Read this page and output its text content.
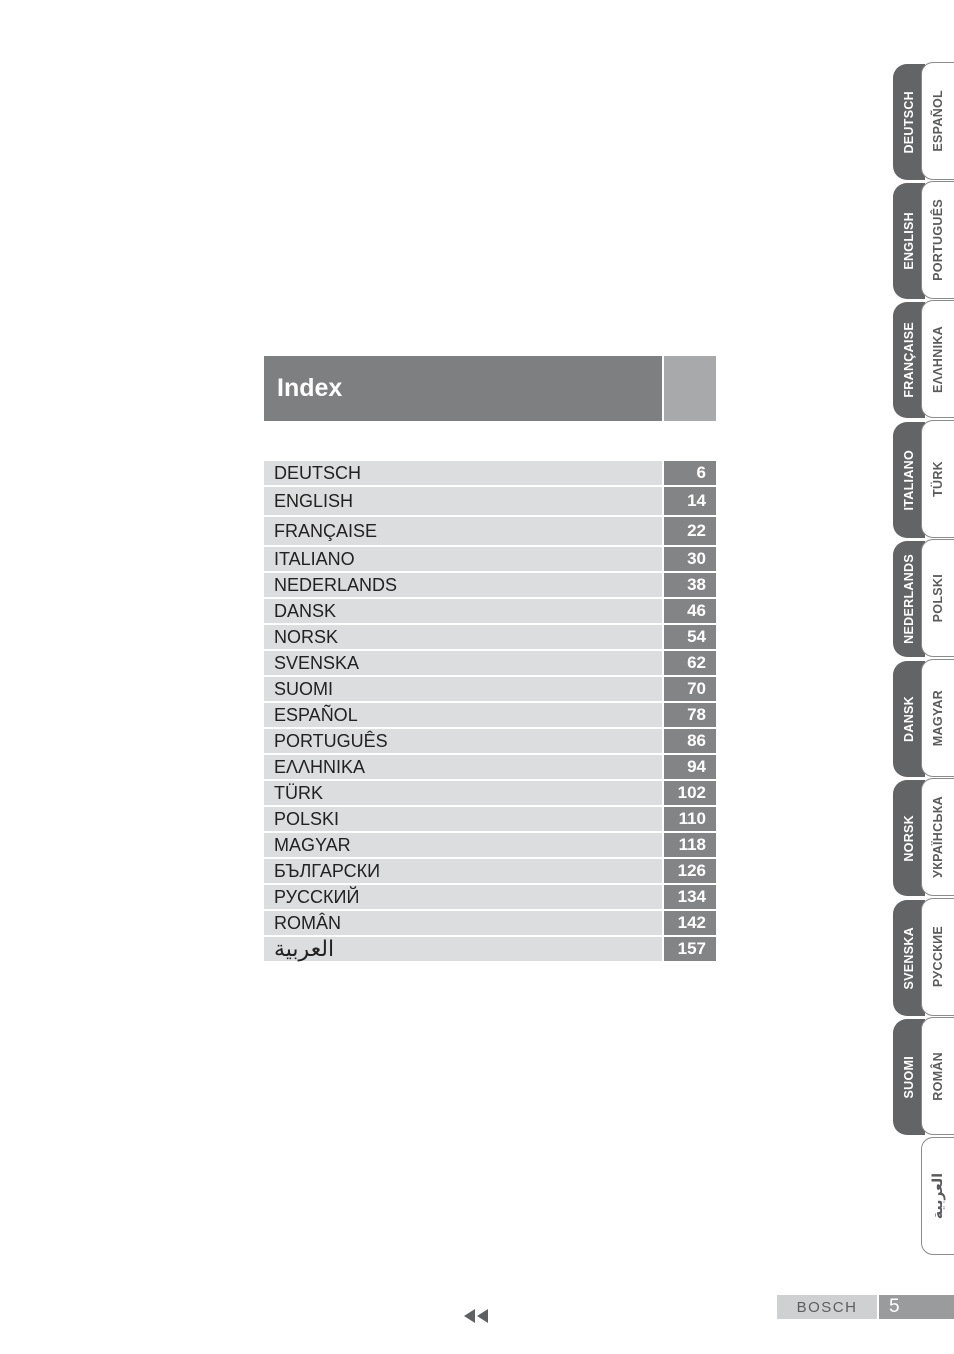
Index
DEUTSCH	6
ENGLISH	14
FRANÇAISE	22
ITALIANO	30
NEDERLANDS	38
DANSK	46
NORSK	54
SVENSKA	62
SUOMI	70
ESPAÑOL	78
PORTUGUÊS	86
ΕΛΛΗΝΙΚΑ	94
TÜRK	102
POLSKI	110
MAGYAR	118
БЪЛГАРСКИ	126
РУССКИЙ	134
ROMÂN	142
العربية	157
DEUTSCH
ENGLISH
FRANÇAISE
ITALIANO
NEDERLANDS
DANSK
NORSK
SVENSKA
SUOMI
ESPAÑOL
PORTUGUÊS
ΕΛΛΗΝΙΚΑ
TÜRK
POLSKI
MAGYAR
УКРАЇНСЬКА
РУССКИЕ
ROMÂN
العربية
BOSCH	5
